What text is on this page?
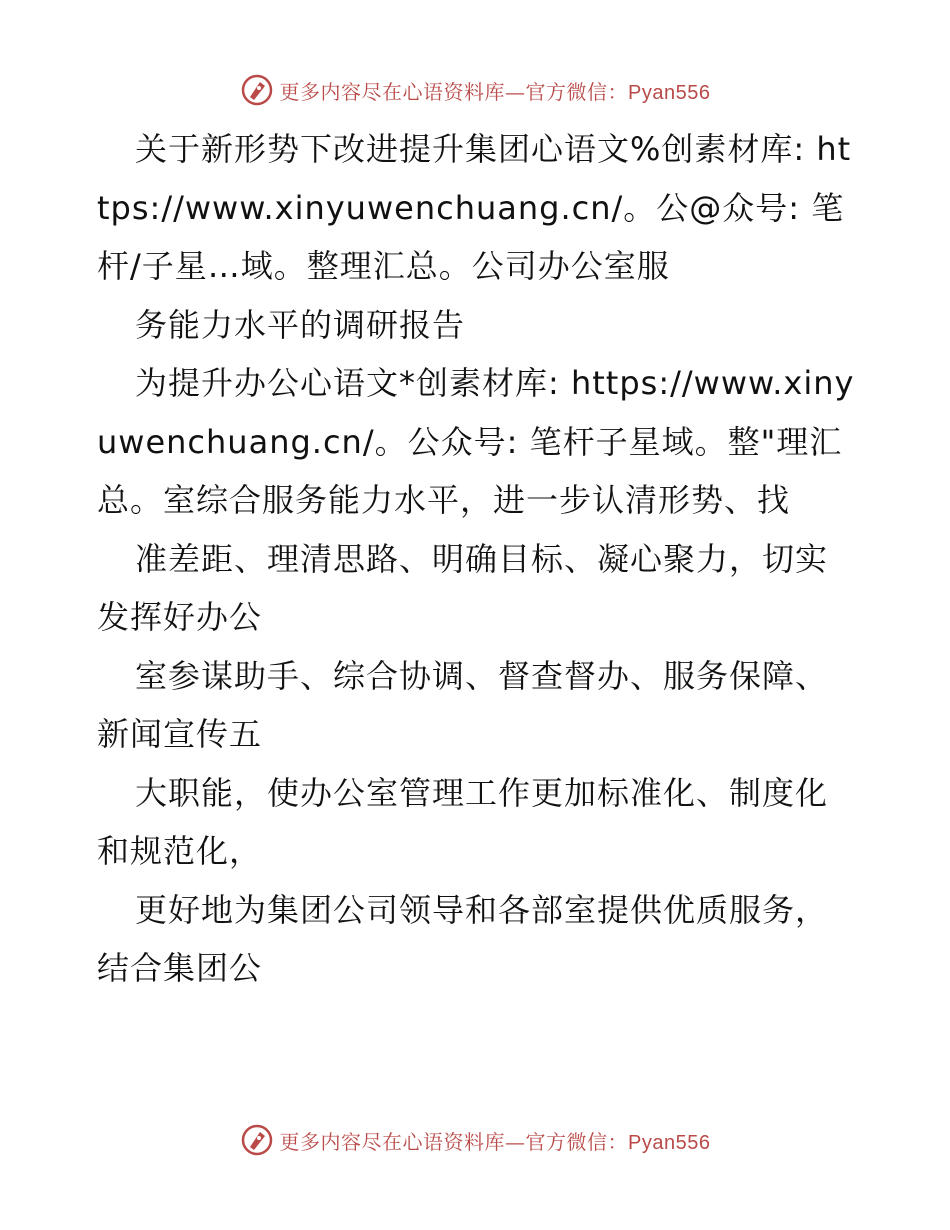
更多内容尽在心语资料库—官方微信：Pyan556

关于新形势下改进提升集团心语文%创素材库: https://www.xinyuwenchuang.cn/。公@众号: 笔杆/子星…域。整理汇总。公司办公室服

务能力水平的调研报告

为提升办公心语文*创素材库: https://www.xinyuwenchuang.cn/。公众号: 笔杆子星域。整"理汇总。室综合服务能力水平，进一步认清形势、找

准差距、理清思路、明确目标、凝心聚力，切实发挥好办公

室参谋助手、综合协调、督查督办、服务保障、新闻宣传五

大职能，使办公室管理工作更加标准化、制度化和规范化，

更好地为集团公司领导和各部室提供优质服务，结合集团公

更多内容尽在心语资料库—官方微信：Pyan556
